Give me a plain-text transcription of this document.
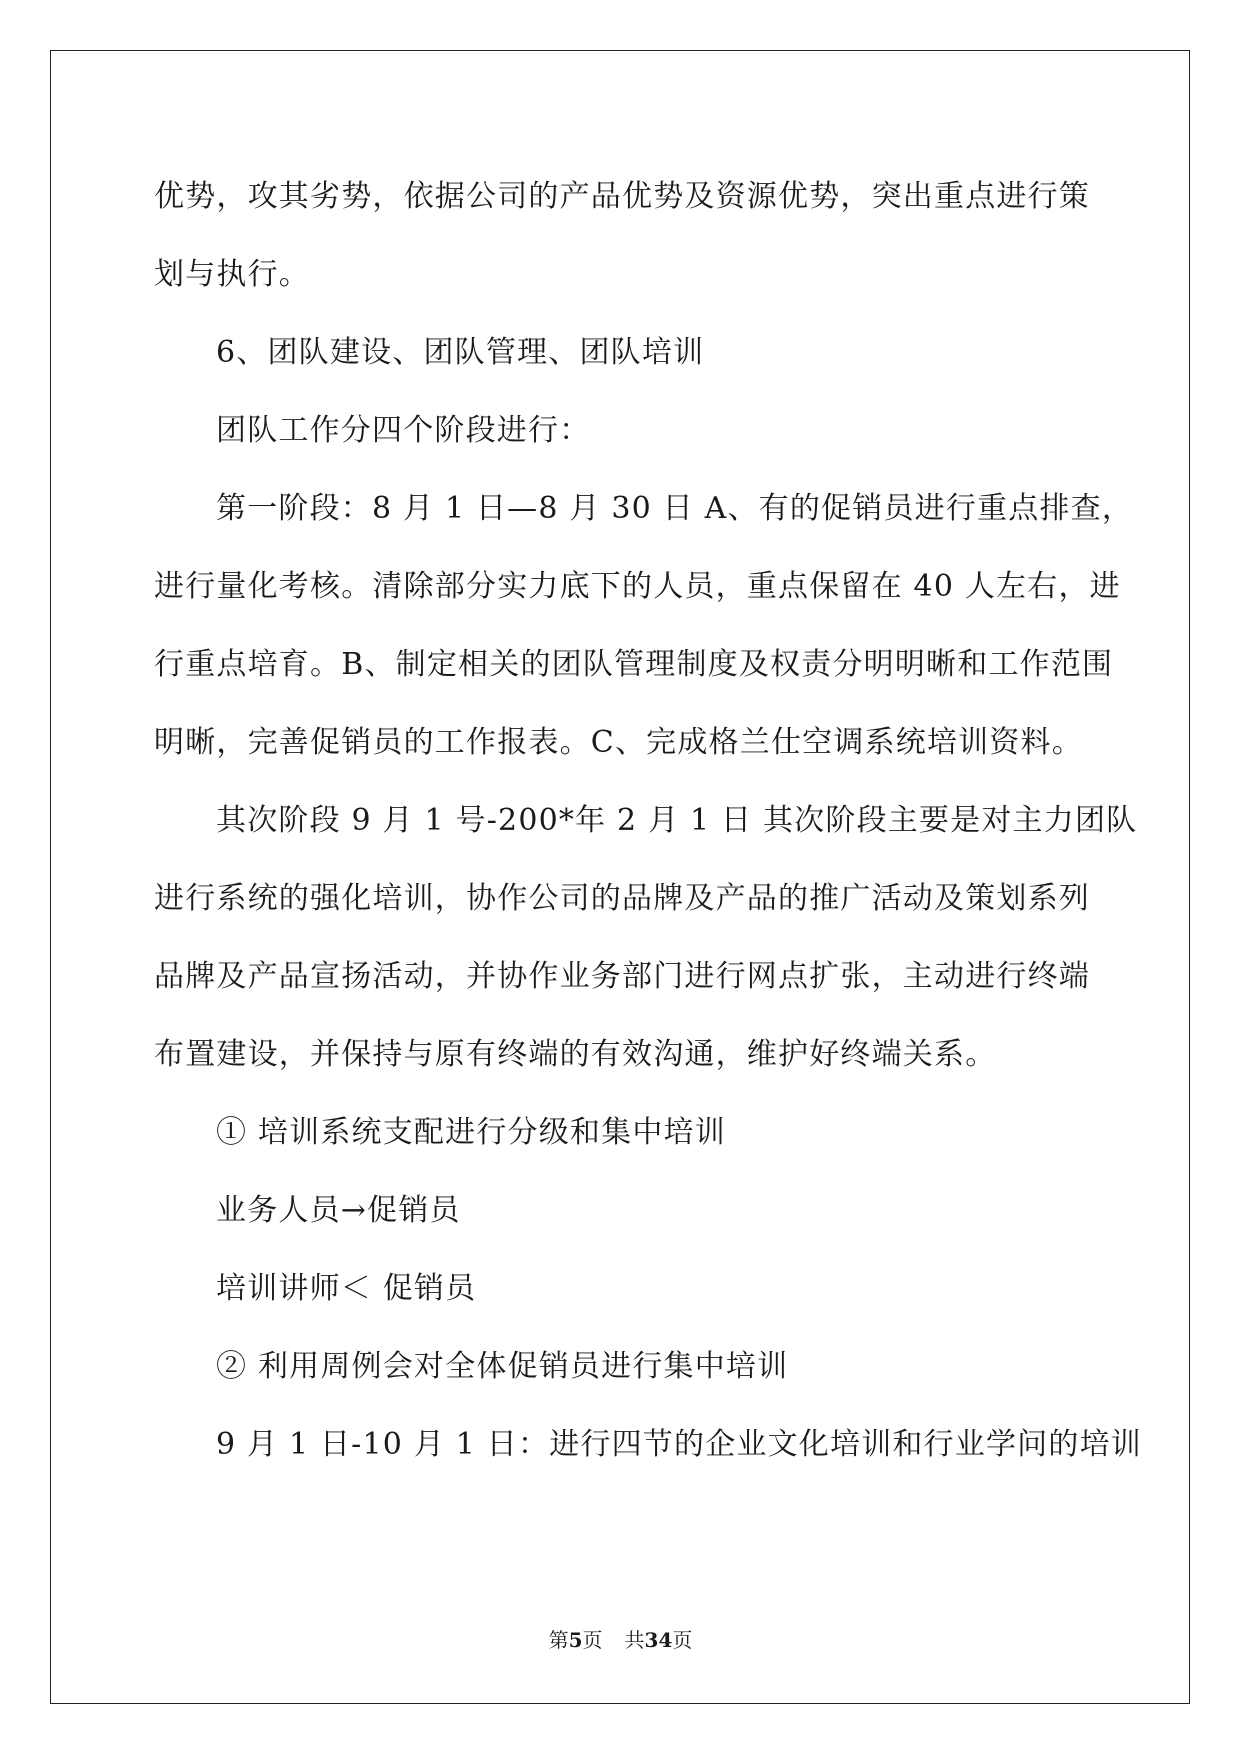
优势，攻其劣势，依据公司的产品优势及资源优势，突出重点进行策
划与执行。
6、团队建设、团队管理、团队培训
团队工作分四个阶段进行：
第一阶段：8 月 1 日—8 月 30 日 A、有的促销员进行重点排查，
进行量化考核。清除部分实力底下的人员，重点保留在 40 人左右，进
行重点培育。B、制定相关的团队管理制度及权责分明明晰和工作范围
明晰，完善促销员的工作报表。C、完成格兰仕空调系统培训资料。
其次阶段 9 月 1 号-200*年 2 月 1 日 其次阶段主要是对主力团队
进行系统的强化培训，协作公司的品牌及产品的推广活动及策划系列
品牌及产品宣扬活动，并协作业务部门进行网点扩张，主动进行终端
布置建设，并保持与原有终端的有效沟通，维护好终端关系。
① 培训系统支配进行分级和集中培训
业务人员→促销员
培训讲师＜ 促销员
② 利用周例会对全体促销员进行集中培训
9 月 1 日-10 月 1 日：进行四节的企业文化培训和行业学问的培训
第5页 共34页
